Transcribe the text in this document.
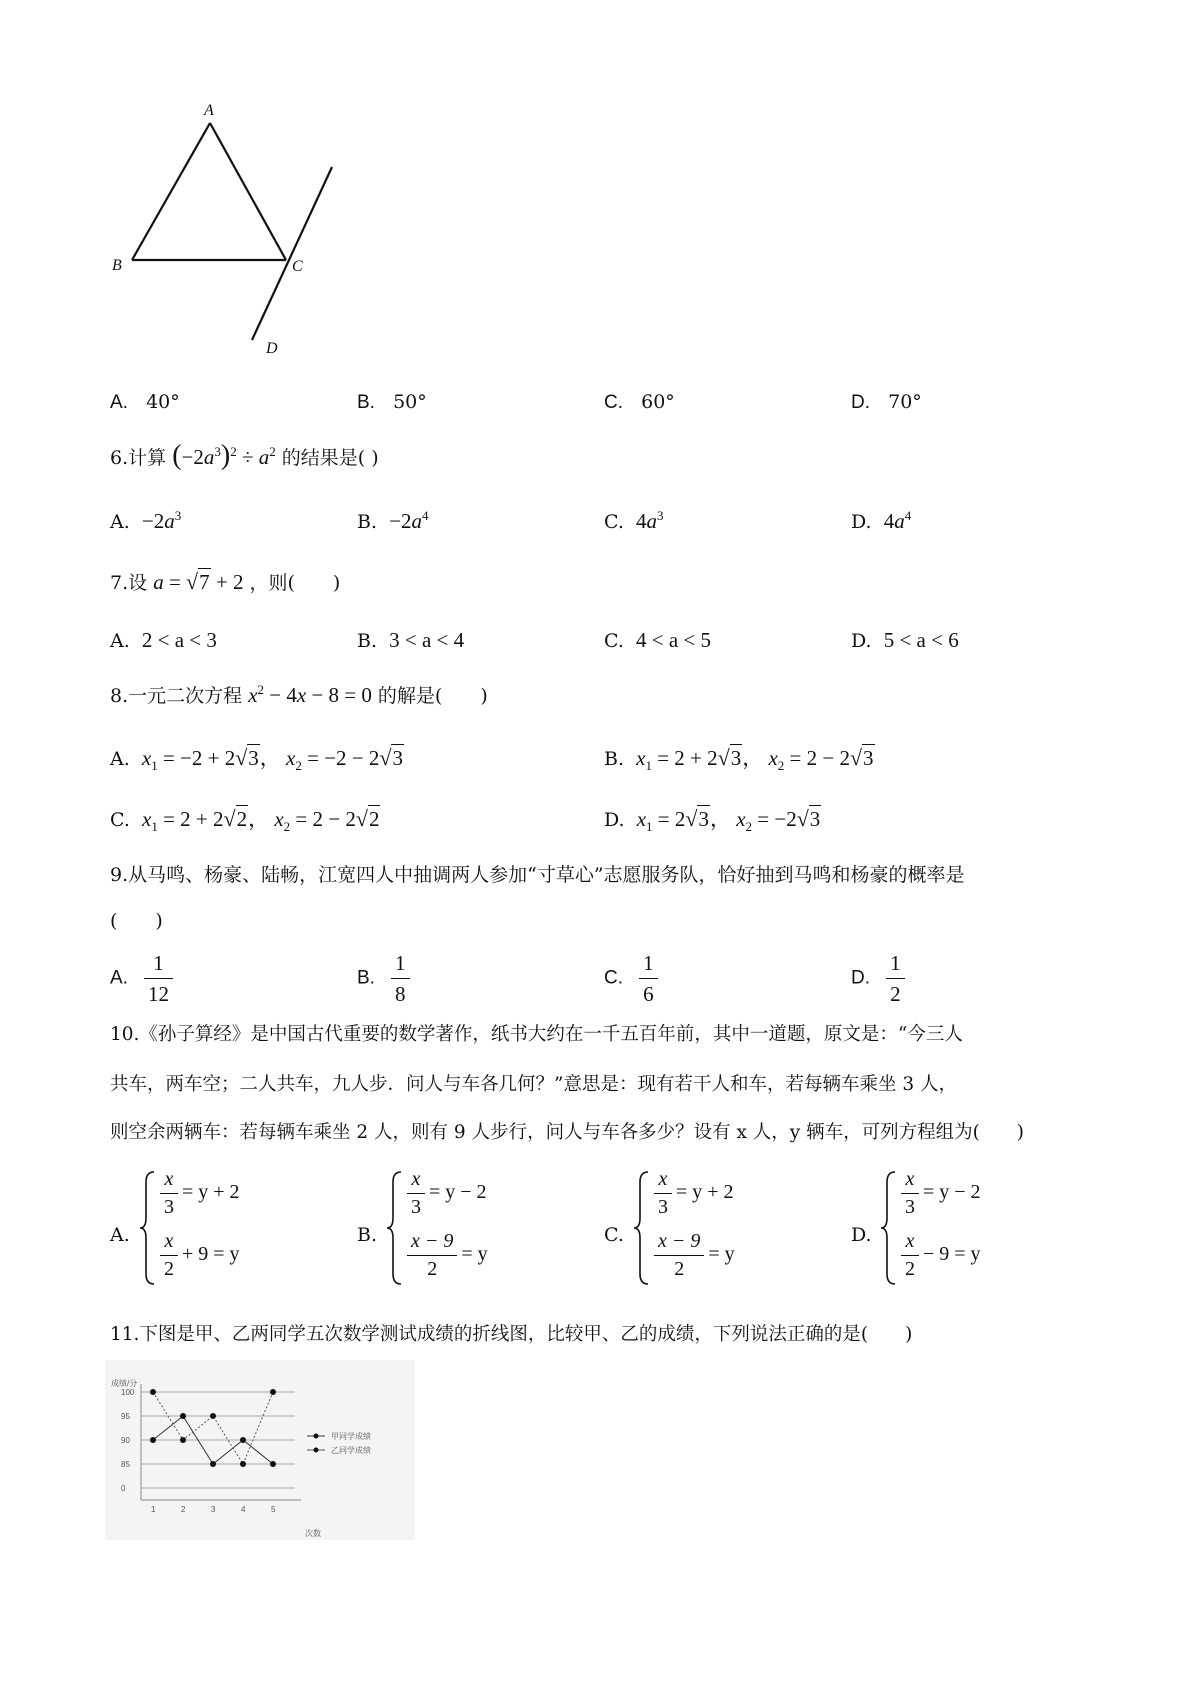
A
B	C
D
A. 40°	B. 50°	C. 60°	D. 70°
6.计算 $(-2a^3)^2 \div a^2$ 的结果是( )
A. $-2a^3$	B. $-2a^4$	C. $4a^3$	D. $4a^4$
7.设 a = √7 + 2 ，则(　　)
A. 2 < a < 3	B. 3 < a < 4	C. 4 < a < 5	D. 5 < a < 6
8.一元二次方程 $x^2 - 4x - 8 = 0$ 的解是(　　)
A. $x_1 = -2 + 2√3$， $x_2 = -2 - 2√3$	B. $x_1 = 2 + 2√3$， $x_2 = 2 - 2√3$
C. $x_1 = 2 + 2√2$， $x_2 = 2 - 2√2$	D. $x_1 = 2√3$， $x_2 = -2√3$
9.从马鸣、杨豪、陆畅，江宽四人中抽调两人参加“寸草心”志愿服务队，恰好抽到马鸣和杨豪的概率是
(　　)
A. $\frac{1}{12}$	B. $\frac{1}{8}$	C. $\frac{1}{6}$	D. $\frac{1}{2}$
10.《孙子算经》是中国古代重要的数学著作，纸书大约在一千五百年前，其中一道题，原文是：“今三人
共车，两车空；二人共车，九人步．问人与车各几何？”意思是：现有若干人和车，若每辆车乘坐 3 人，
则空余两辆车：若每辆车乘坐 2 人，则有 9 人步行，问人与车各多少？设有 x 人，y 辆车，可列方程组为(　　)
A.
$\frac{x}{3} = y + 2$
$\frac{x}{2} + 9 = y$
B.
$\frac{x}{3} = y - 2$
$\frac{x - 9}{2} = y$
C.
$\frac{x}{3} = y + 2$
$\frac{x - 9}{2} = y$
D.
$\frac{x}{3} = y - 2$
$\frac{x}{2} - 9 = y$
11.下图是甲、乙两同学五次数学测试成绩的折线图，比较甲、乙的成绩，下列说法正确的是(　　)
0
85
90
95
100
1	2	3	4	5
成绩/分
次数
甲同学成绩
乙同学成绩
